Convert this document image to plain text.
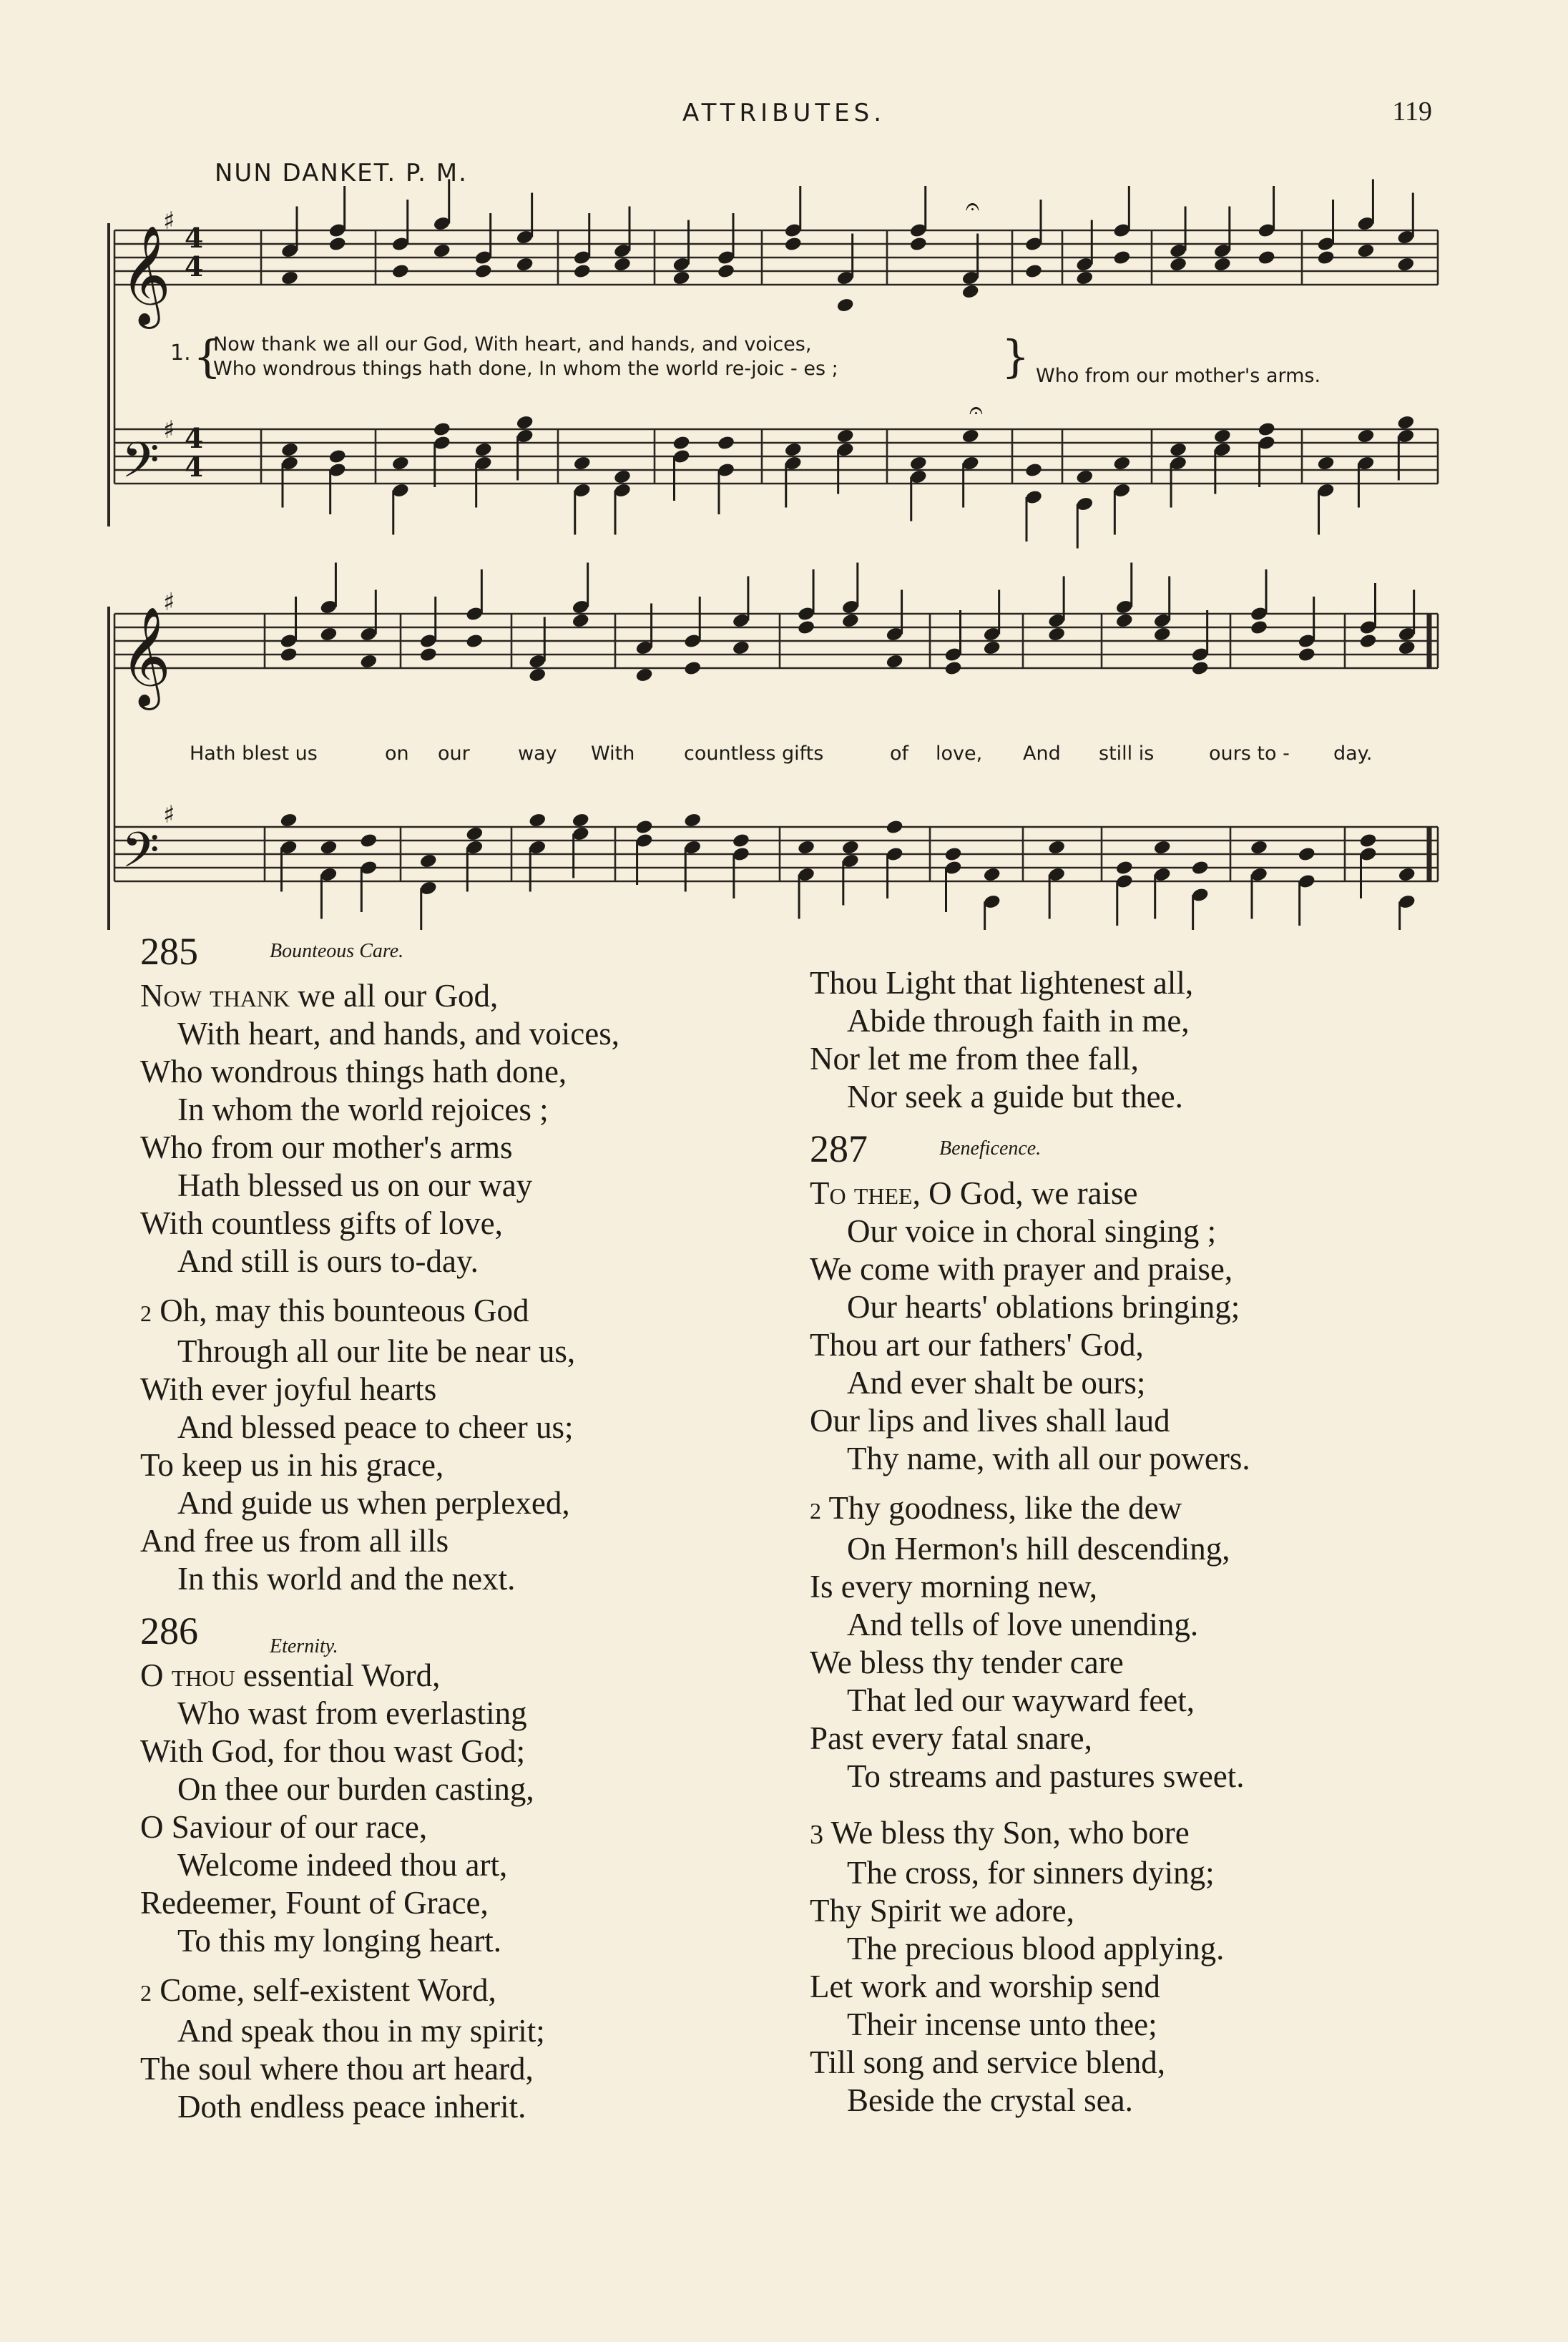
ATTRIBUTES.	119
NUN DANKET. P. M.
𝄞
𝄢
𝄞
𝄢
4
4
4
4
♯
♯
♯
♯
𝄐
𝄐
1. {
Now thank we all our God, With heart, and hands, and voices,
Who wondrous things hath done, In whom the world re-joic - es ;	} Who from our mother's arms.
Hath blest us	on our way With	countless gifts	of love, And still is	ours to - day.
285	$^{Bounteous Care.}$
Now thank we all our God,
With heart, and hands, and voices,
Who wondrous things hath done,
In whom the world rejoices ;
Who from our mother's arms
Hath blessed us on our way
With countless gifts of love,
And still is ours to-day.
2 Oh, may this bounteous God
Through all our lite be near us,
With ever joyful hearts
And blessed peace to cheer us;
To keep us in his grace,
And guide us when perplexed,
And free us from all ills
In this world and the next.
286	$_{Eternity.}$
O thou essential Word,
Who wast from everlasting
With God, for thou wast God;
On thee our burden casting,
O Saviour of our race,
Welcome indeed thou art,
Redeemer, Fount of Grace,
To this my longing heart.
2 Come, self-existent Word,
And speak thou in my spirit;
The soul where thou art heard,
Doth endless peace inherit.
Thou Light that lightenest all,
Abide through faith in me,
Nor let me from thee fall,
Nor seek a guide but thee.
287	$^{Beneficence.}$
To thee, O God, we raise
Our voice in choral singing ;
We come with prayer and praise,
Our hearts' oblations bringing;
Thou art our fathers' God,
And ever shalt be ours;
Our lips and lives shall laud
Thy name, with all our powers.
2 Thy goodness, like the dew
On Hermon's hill descending,
Is every morning new,
And tells of love unending.
We bless thy tender care
That led our wayward feet,
Past every fatal snare,
To streams and pastures sweet.
3 We bless thy Son, who bore
The cross, for sinners dying;
Thy Spirit we adore,
The precious blood applying.
Let work and worship send
Their incense unto thee;
Till song and service blend,
Beside the crystal sea.
